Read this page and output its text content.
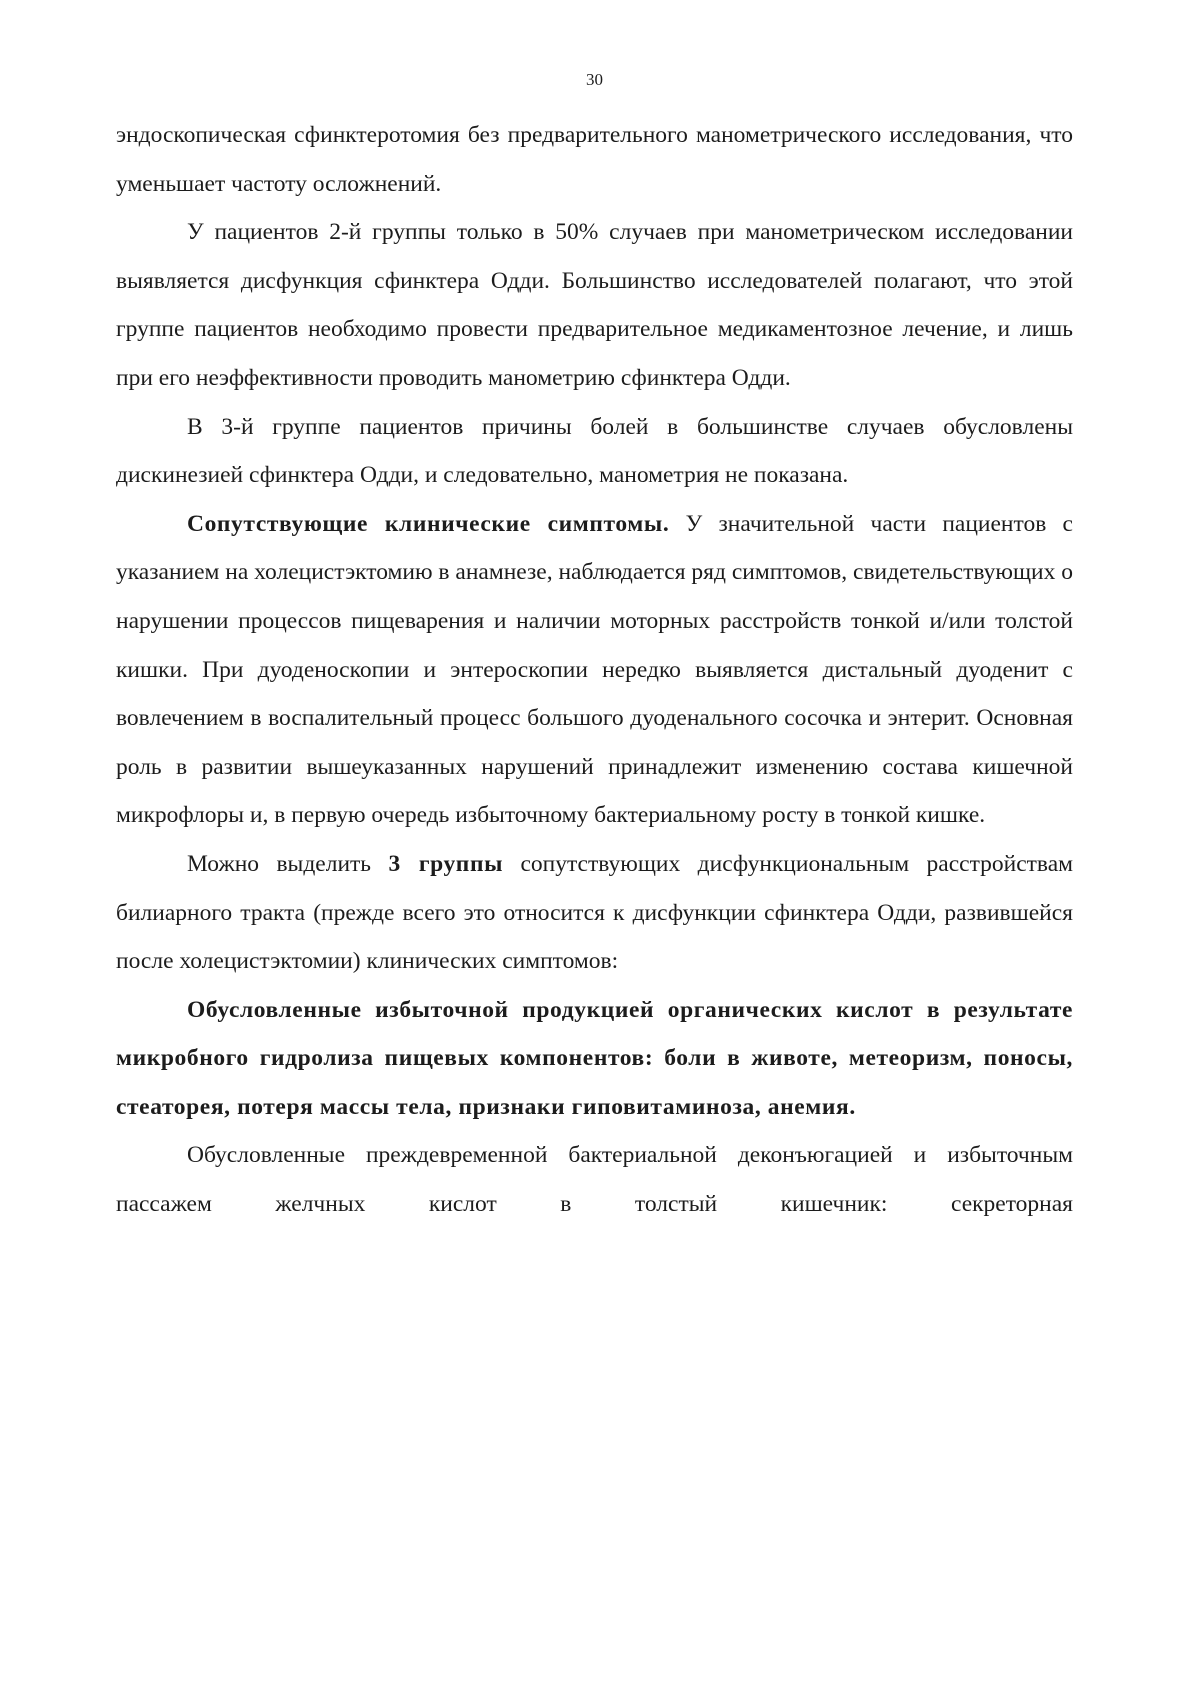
30

эндоскопическая сфинктеротомия без предварительного манометрического исследования, что уменьшает частоту осложнений.

У пациентов 2-й группы только в 50% случаев при манометрическом исследовании выявляется дисфункция сфинктера Одди. Большинство исследователей полагают, что этой группе пациентов необходимо провести предварительное медикаментозное лечение, и лишь при его неэффективности проводить манометрию сфинктера Одди.

В 3-й группе пациентов причины болей в большинстве случаев обусловлены дискинезией сфинктера Одди, и следовательно, манометрия не показана.

Сопутствующие клинические симптомы. У значительной части пациентов с указанием на холецистэктомию в анамнезе, наблюдается ряд симптомов, свидетельствующих о нарушении процессов пищеварения и наличии моторных расстройств тонкой и/или толстой кишки. При дуоденоскопии и энтероскопии нередко выявляется дистальный дуоденит с вовлечением в воспалительный процесс большого дуоденального сосочка и энтерит. Основная роль в развитии вышеуказанных нарушений принадлежит изменению состава кишечной микрофлоры и, в первую очередь избыточному бактериальному росту в тонкой кишке.

Можно выделить 3 группы сопутствующих дисфункциональным расстройствам билиарного тракта (прежде всего это относится к дисфункции сфинктера Одди, развившейся после холецистэктомии) клинических симптомов:

Обусловленные избыточной продукцией органических кислот в результате микробного гидролиза пищевых компонентов: боли в животе, метеоризм, поносы, стеаторея, потеря массы тела, признаки гиповитаминоза, анемия.

Обусловленные преждевременной бактериальной деконъюгацией и избыточным пассажем желчных кислот в толстый кишечник: секреторная
